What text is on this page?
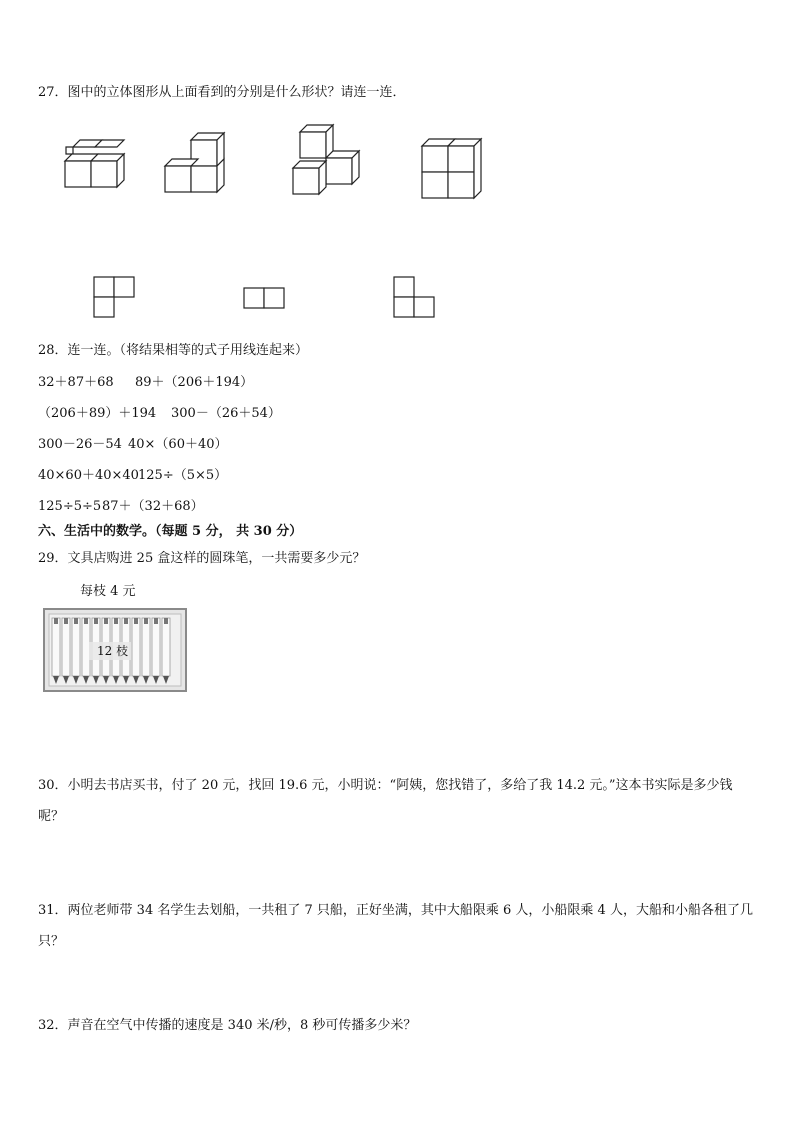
27．图中的立体图形从上面看到的分别是什么形状？请连一连．
28．连一连。（将结果相等的式子用线连起来）
32＋87＋68 89＋（206＋194）
（206＋89）＋194 300－（26＋54）
300－26－54 40×（60＋40）
40×60＋40×40 125÷（5×5）
125÷5÷5 87＋（32＋68）
六、生活中的数学。（每题 5 分， 共 30 分）
29．文具店购进 25 盒这样的圆珠笔，一共需要多少元？
每枝 4 元
12 枝
30．小明去书店买书，付了 20 元，找回 19.6 元，小明说：“阿姨，您找错了，多给了我 14.2 元。”这本书实际是多少钱呢？
31．两位老师带 34 名学生去划船，一共租了 7 只船，正好坐满，其中大船限乘 6 人，小船限乘 4 人，大船和小船各租了几只？
32．声音在空气中传播的速度是 340 米/秒，8 秒可传播多少米？
